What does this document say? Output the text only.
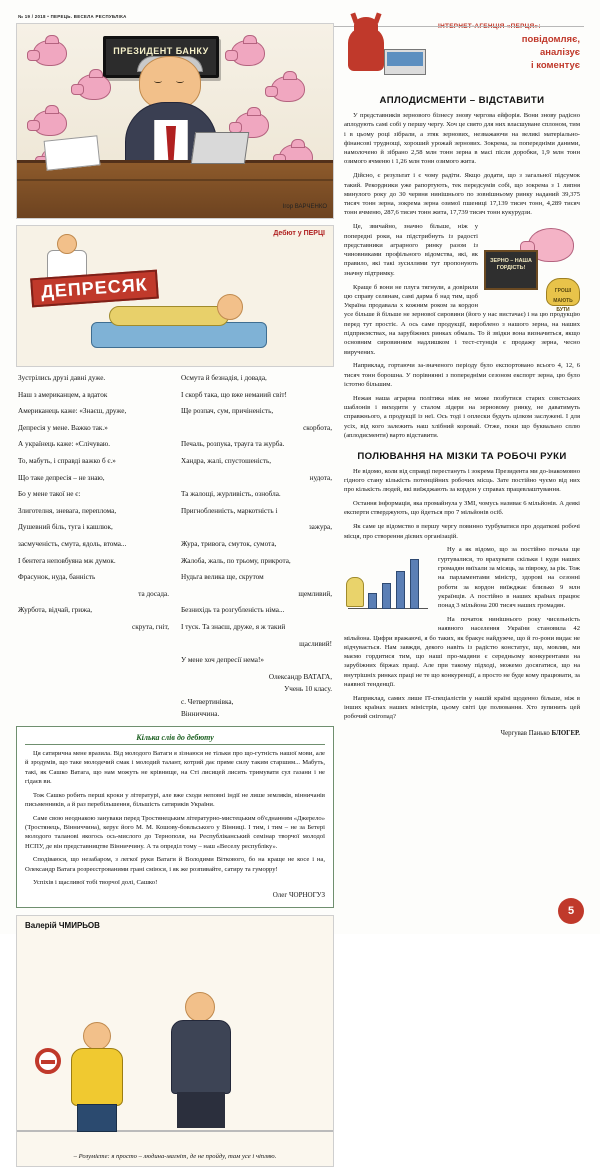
№ 19 / 2018 • ПЕРЕЦЬ. ВЕСЕЛА РЕСПУБЛІКА
ПРЕЗИДЕНТ БАНКУ
Ігор ВАРЧЕНКО
Дебют у ПЕРЦІ
ДЕПРЕСЯК

Зустрілись друзі давні дуже.

Наш з американцем, а вдаток

Американець каже: «Знаєш, друже,

Депресія у мене. Важко так.»

А українець каже: «Слічуваю.

То, мабуть, і справді важко б є.»

Що таке депресія – не знаю,

Бо у мене такої не є:

Злиготелня, зневага, переплома,

Душевний біль, туга і кашлюк,

засмученість, смута, ядоль, втома...

І бентега неповбуяна мж думок.

Фрасунок, нуда, банність

та досада.

Журбота, відчай, грижа,

скрута, гніт,

Осмута й безнадія, і довада,

І скорб така, що вже немаиий світ!

Ще розпач, сум, причіненість,

скорбота,

Печаль, розпука, трауга та журба.

Хандра, жалі, спустошеність,

нудота,

Та жалощі, журливість, ознобла.

Пригноблениість, маркотність і

зажура,

Жура, тривога, смуток, сумота,

Жалоба, жаль, по трьому, прикрота,

Нудьга велика ще, скрутом

щемливий,

Безнихідь та розгубленість німа...

І туск. Та знаєш, друже, я ж такий

щасливий!

У мене хоч депресії нема!»

Олександр ВАТАГА,
Учень 10 класу.
с. Четвертинівка,
Вінниччина.
Кілька слів до дебюту

Ця сатирична мене вразила. Від молодого Ватаги я зізнаюся не тільки про що-гутність нашої мови, але й зродумів, що таке молодечий смак і молодий талант, котрий дає пряме силу таким старшим... Мабуть, такі, як Сашко Ватага, що нам можуть не крівнище, на Сті лисицей лисить тримувати сул газани і не гідаєв ви.

Тож Сашко робить перші кроки у літературі, але вже сходи неповні індії не лише земляків, вінничанів письменників, а й раз перебільшення, більшість сатириків України.

Саме свою неоднакою зануваки перед Тростянецьким літературно-мистецьким об'єднанням «Джерело» (Тростянець, Вінниччина), керує його М. М. Кошову-бовльського у Вінниці. І тим, і тим – не за Бетері молодого таланові якогось ось-мислого до Тернополя, на Республіканський семінар творчої молодої НСПУ, де він представництве Вінниччину. А та опреділ тому – наш «Веселу республіку».

Сподіваюся, що незабаром, з легкої руки Ватаги й Володими Віткового, бо на краще не косе і на, Олександр Ватага розреєстрованими грані сміюся, і як же розпивайте, сатиру та гуморру!

Успіхів і щасливої тобі творчої долі, Сашко!

Олег ЧОРНОГУЗ

Валерій ЧМИРЬОВ
– Розумієте: я просто – людина-магніт, де не пройду, там усе і чіпляю.
повідомляє,
аналізує
і коментує
АПЛОДИСМЕНТИ – ВІДСТАВИТИ

У представників зернового бізнесу знову чергова ейфорія. Вони знову радісно аплодують самі собі у першу чергу. Хоч це свято для них власшуване сплоном, тим і в цьому році зібрали, а зтяк зернових, незважаючи на великі матеріально-фінансові труднощі, хороший урожай зернових. Зокрема, за попередніми даними, намолочено й зібрано 2,58 млн тонн зерна в масі після доробки, 1,9 млн тонн озимого ячменю і 1,26 млн тонн озимого жита.

Дійсно, є результат і є чому радіти. Якщо додати, що з загальної підсумок такий. Рекордники уже рапортують, тек передсумів собі, що зокрема з 1 липня минулого року до 30 червня нинішнього по зовнішньому ринку наданий 39,375 тисяч тонн зерна, зокрема зерна озимої пшениці 17,139 тисяч тонн, 4,289 тисяч тонн ячменю, 287,6 тисяч тонн жита, 17,739 тисяч тонн кукурудзи.

ЗЕРНО – НАША ГОРДІСТЬ!
ГРОШІ МАЮТЬ БУТИ

Це, звичайно, значно більше, ніж у попередні роки, на підстрибнуть із радості представники аграрного ринку разом із чиновниками профільного відомства, які, як правило, які такі зусиллями тут пропонують значну підтримку.

Краще б вони не плуга тягнули, а довірили цю справу селянам, самі дарма б над тим, щоб Україна продавала х кожним роком за кордон усе більше й більше не зернової сировини (його у нас вистачає) і на цю продукцію перед тут простіє. А ось саме продукції, вироблено з нашого зерна, на наших підприємствах, на зарубіжних ринках обмаль. То й звідки вона визначиться, якщо основним сировинним надлишком і тест-стунція є продажу зерна, чесно виручених.

Наприклад, гортаючи за-значеного періоду було експортовано всього 4, 12, 6 тисяч тонн борошна. У порівнянні з попередніми сезоном експорт зерна, цю було істотно більшим.

Нежая наша аграрна політика ніяк не може позбутися старих совєтських шаблонів і виходити у сталом лідери на зерновому ринку, не даватимуть справжнього, а продукції із неї. Ось тоді і оплески будуть цілком заслужені. І для усіх, від кого залежить наш хлібний коровай. Отже, поки що буквально сплю (аплодисменти) варто відставити.

ПОЛЮВАННЯ НА МІЗКИ ТА РОБОЧІ РУКИ

Не відомо, коли від справді перестануть і зокрема Президента ми до-інакомовно гідного стану кількість потенційних робочих місць. Зате постійно чуємо від них про кількість людей, які виїжджають за кордон у справах працевлаштування.

Остання інформація, яка промайнула у ЗМІ, чомусь називає 6 мільйонів. А деякі експерти стверджують, що йдеться про 7 мільйонів осіб.

Як саме це відомство в першу чергу повинно турбуватися про додаткові робочі місця, про створення дієвих організацій.

Ну а як відомо, що за постійно почала ще гуртувалися, то врахувати скільки і куди наших громадян виїхали за місяць, за півроку, за рік. Тож на парламентами міністр, здорові на сезонні роботи за кордон виїжджає близько 9 млн українців. А постійно в наших країнах працює понад 3 мільйона 200 тисяч наших громадян.

На початок нинішнього року чисельність наявного населення України становила 42 мільйона. Цифри вражаючі, я бо таких, як бракує найдужче, що й го-рони видає не відчувається. Нам завжди, декого навіть із радістю констатує, що, мовляв, ми маємо гордитися тим, що наші про-мадяни є середньому конкурентами на зарубіжних біржах праці. Але при такому підході, можемо досягатися, що на внутрішніх ринках праці не те що конкуренції, а просто не буде кому працювати, за наявної тенденції.

Наприклад, самих лише IT-спеціалістів у нашій країні щоденно більше, ніж в інших країнах наших міністрів, цьому світі іде полювання. Хто зупинить цей робочий снігопад?

Чергував Панько БЛОГЕР.
5
